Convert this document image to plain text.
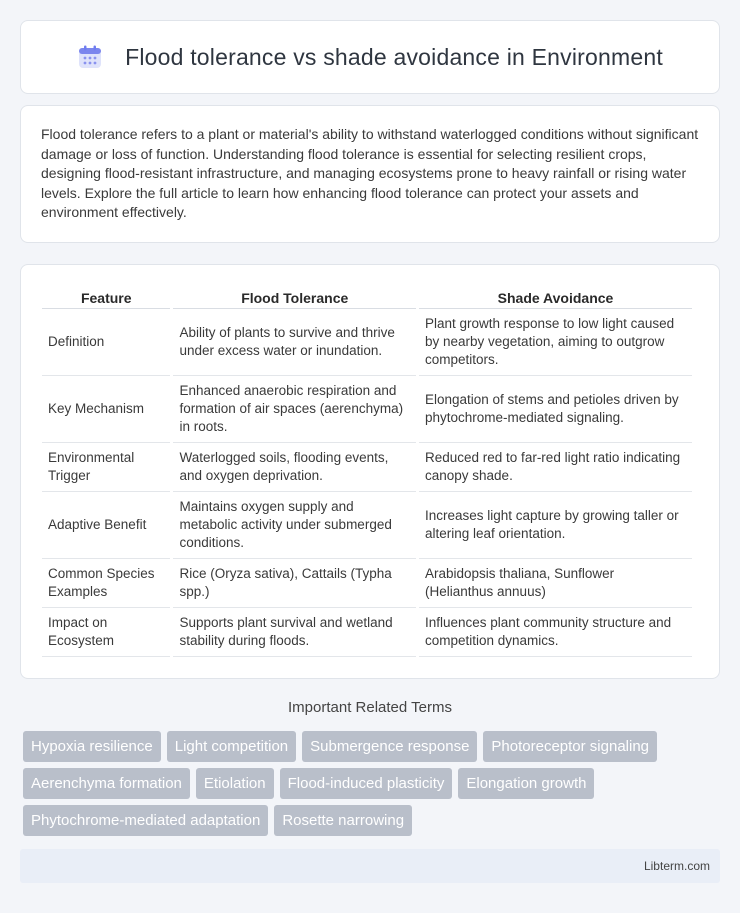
Flood tolerance vs shade avoidance in Environment

Flood tolerance refers to a plant or material's ability to withstand waterlogged conditions without significant damage or loss of function. Understanding flood tolerance is essential for selecting resilient crops, designing flood-resistant infrastructure, and managing ecosystems prone to heavy rainfall or rising water levels. Explore the full article to learn how enhancing flood tolerance can protect your assets and environment effectively.

Feature	Flood Tolerance	Shade Avoidance
Definition	Ability of plants to survive and thrive under excess water or inundation.	Plant growth response to low light caused by nearby vegetation, aiming to outgrow competitors.
Key Mechanism	Enhanced anaerobic respiration and formation of air spaces (aerenchyma) in roots.	Elongation of stems and petioles driven by phytochrome-mediated signaling.
Environmental Trigger	Waterlogged soils, flooding events, and oxygen deprivation.	Reduced red to far-red light ratio indicating canopy shade.
Adaptive Benefit	Maintains oxygen supply and metabolic activity under submerged conditions.	Increases light capture by growing taller or altering leaf orientation.
Common Species Examples	Rice (Oryza sativa), Cattails (Typha spp.)	Arabidopsis thaliana, Sunflower (Helianthus annuus)
Impact on Ecosystem	Supports plant survival and wetland stability during floods.	Influences plant community structure and competition dynamics.
Important Related Terms
Hypoxia resilience	Light competition	Submergence response	Photoreceptor signaling
Aerenchyma formation	Etiolation	Flood-induced plasticity	Elongation growth
Phytochrome-mediated adaptation	Rosette narrowing
Libterm.com
